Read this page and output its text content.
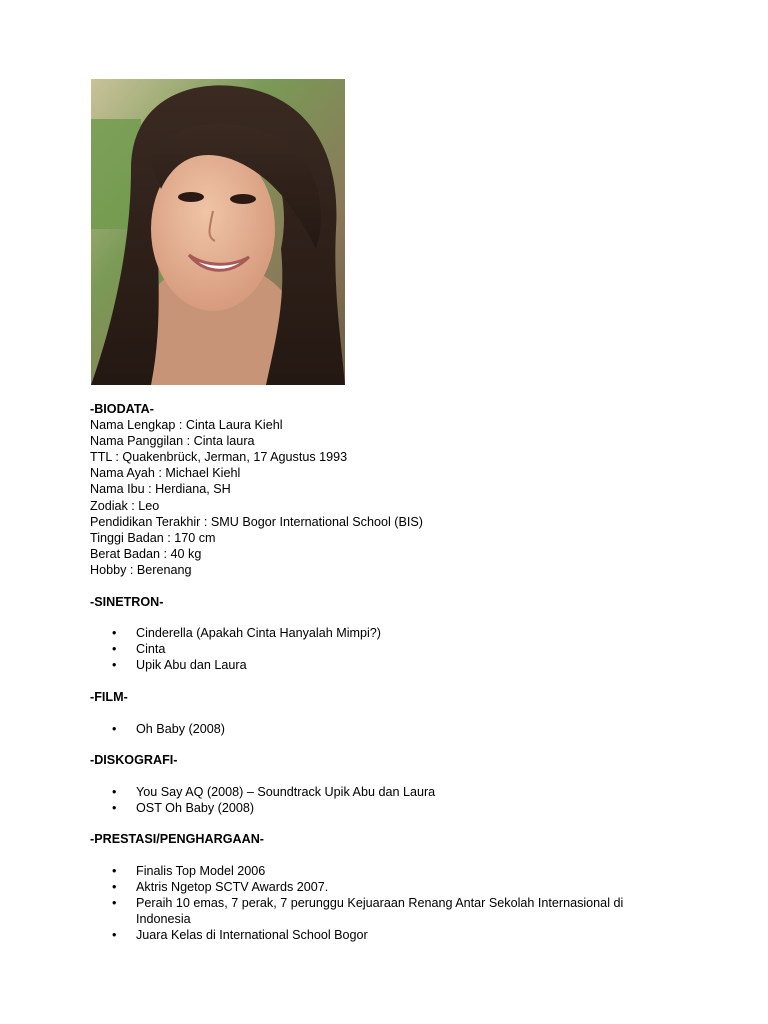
-BIODATA-
Nama Lengkap : Cinta Laura Kiehl
Nama Panggilan : Cinta laura
TTL : Quakenbrück, Jerman, 17 Agustus 1993
Nama Ayah : Michael Kiehl
Nama Ibu : Herdiana, SH
Zodiak : Leo
Pendidikan Terakhir : SMU Bogor International School (BIS)
Tinggi Badan : 170 cm
Berat Badan : 40 kg
Hobby : Berenang
-SINETRON-
• Cinderella (Apakah Cinta Hanyalah Mimpi?)
• Cinta
• Upik Abu dan Laura
-FILM-
• Oh Baby (2008)
-DISKOGRAFI-
• You Say AQ (2008) – Soundtrack Upik Abu dan Laura
• OST Oh Baby (2008)
-PRESTASI/PENGHARGAAN-
• Finalis Top Model 2006
• Aktris Ngetop SCTV Awards 2007.
• Peraih 10 emas, 7 perak, 7 perunggu Kejuaraan Renang Antar Sekolah Internasional di Indonesia
• Juara Kelas di International School Bogor
